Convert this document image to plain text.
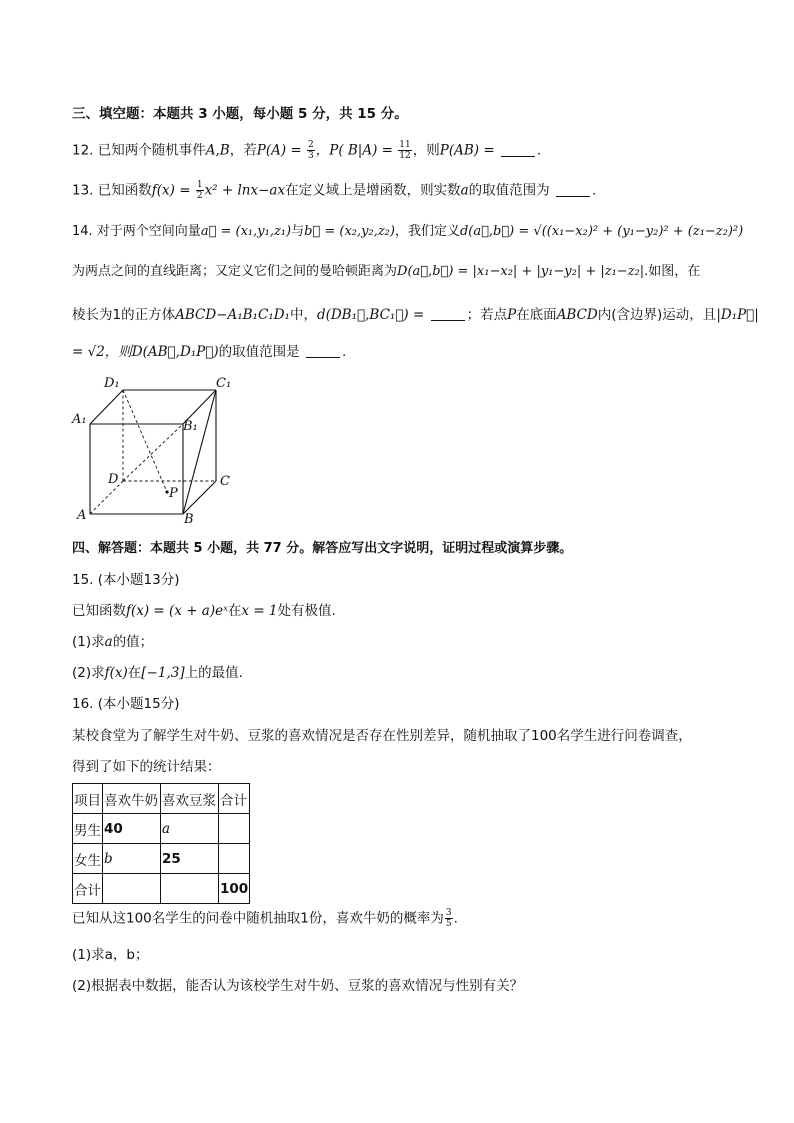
三、填空题：本题共 3 小题，每小题 5 分，共 15 分。
12. 已知两个随机事件A,B，若$P(A) = \frac{2}{3}$ ，P( $B|A) = \frac{11}{12}$ ，则P(AB) =	.
13. 已知函数$f(x) = \frac{1}{2} x^2 + \ln x-ax$在定义域上是增函数，则实数a的取值范围为	.
14. 对于两个空间向量a⃗ = (x₁,y₁,z₁)与b⃗ = (x₂,y₂,z₂)，我们定义d(a⃗,b⃗) = √((x₁−x₂)² + (y₁−y₂)² + (z₁−z₂)²)
为两点之间的直线距离；又定义它们之间的曼哈顿距离为D(a⃗,b⃗) = |x₁−x₂| + |y₁−y₂| + |z₁−z₂|.如图，在
棱长为1的正方体ABCD−A₁B₁C₁D₁中，d(DB₁⃗,BC₁⃗) =	；若点P在底面ABCD内(含边界)运动，且|D₁P⃗|
= √2，则D(AB⃗,D₁P⃗)的取值范围是	.
D₁	C₁
A₁	B₁
D	C
A	B
P
四、解答题：本题共 5 小题，共 77 分。解答应写出文字说明，证明过程或演算步骤。
15. (本小题13分)
已知函数f(x) = (x + a)eˣ在x = 1处有极值.
(1)求a的值；
(2)求f(x)在[−1,3]上的最值.
16. (本小题15分)
某校食堂为了解学生对牛奶、豆浆的喜欢情况是否存在性别差异，随机抽取了100名学生进行问卷调查，
得到了如下的统计结果：
项目	喜欢牛奶	喜欢豆浆	合计
男生	40	a	
女生	b	25	
合计			100
已知从这100名学生的问卷中随机抽取1份，喜欢牛奶的概率为 $\frac{3}{5}$ .
(1)求a，b；
(2)根据表中数据，能否认为该校学生对牛奶、豆浆的喜欢情况与性别有关？
